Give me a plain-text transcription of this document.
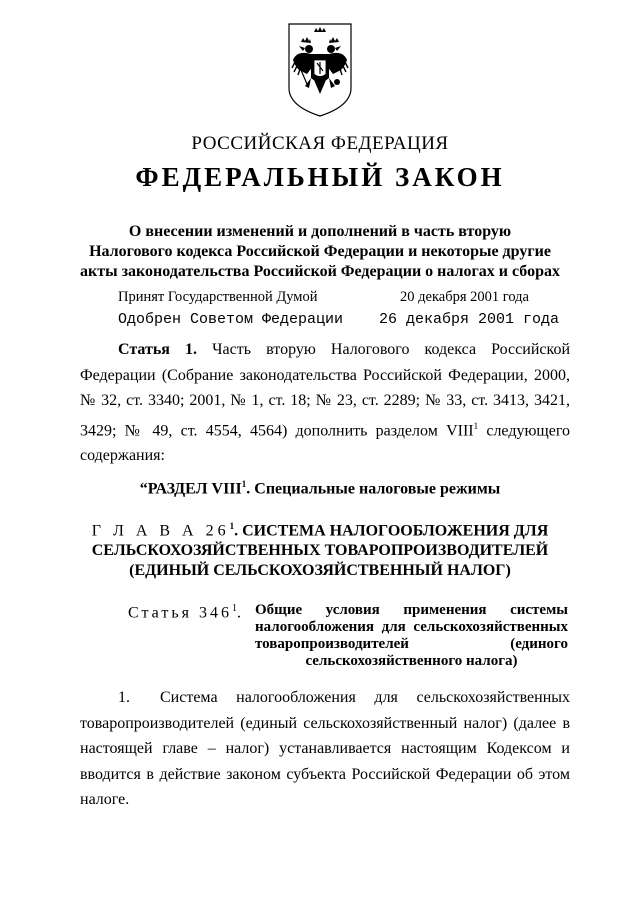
РОССИЙСКАЯ ФЕДЕРАЦИЯ
ФЕДЕРАЛЬНЫЙ ЗАКОН
О внесении изменений и дополнений в часть вторую
Налогового кодекса Российской Федерации и некоторые другие
акты законодательства Российской Федерации о налогах и сборах
Принят Государственной Думой	20 декабря 2001 года
Одобрен Советом Федерации 26 декабря 2001 года

Статья 1. Часть вторую Налогового кодекса Российской Федерации (Собрание законодательства Российской Федерации, 2000, № 32, ст. 3340; 2001, № 1, ст. 18; № 23, ст. 2289; № 33, ст. 3413, 3421, 3429; № 49, ст. 4554, 4564) дополнить разделом VIII$^1$ следующего содержания:

“РАЗДЕЛ VIII$^1$. Специальные налоговые режимы
Г Л А В А $26^1$. СИСТЕМА НАЛОГООБЛОЖЕНИЯ ДЛЯ
СЕЛЬСКОХОЗЯЙСТВЕННЫХ ТОВАРОПРОИЗВОДИТЕЛЕЙ
(ЕДИНЫЙ СЕЛЬСКОХОЗЯЙСТВЕННЫЙ НАЛОГ)
Статья $346^1$. Общие условия применения системы налогообложения для сельскохозяйственных товаропроизводителей (единого
сельскохозяйственного налога)

1. Система налогообложения для сельскохозяйственных товаропроизводителей (единый сельскохозяйственный налог) (далее в настоящей главе – налог) устанавливается настоящим Кодексом и вводится в действие законом субъекта Российской Федерации об этом налоге.
